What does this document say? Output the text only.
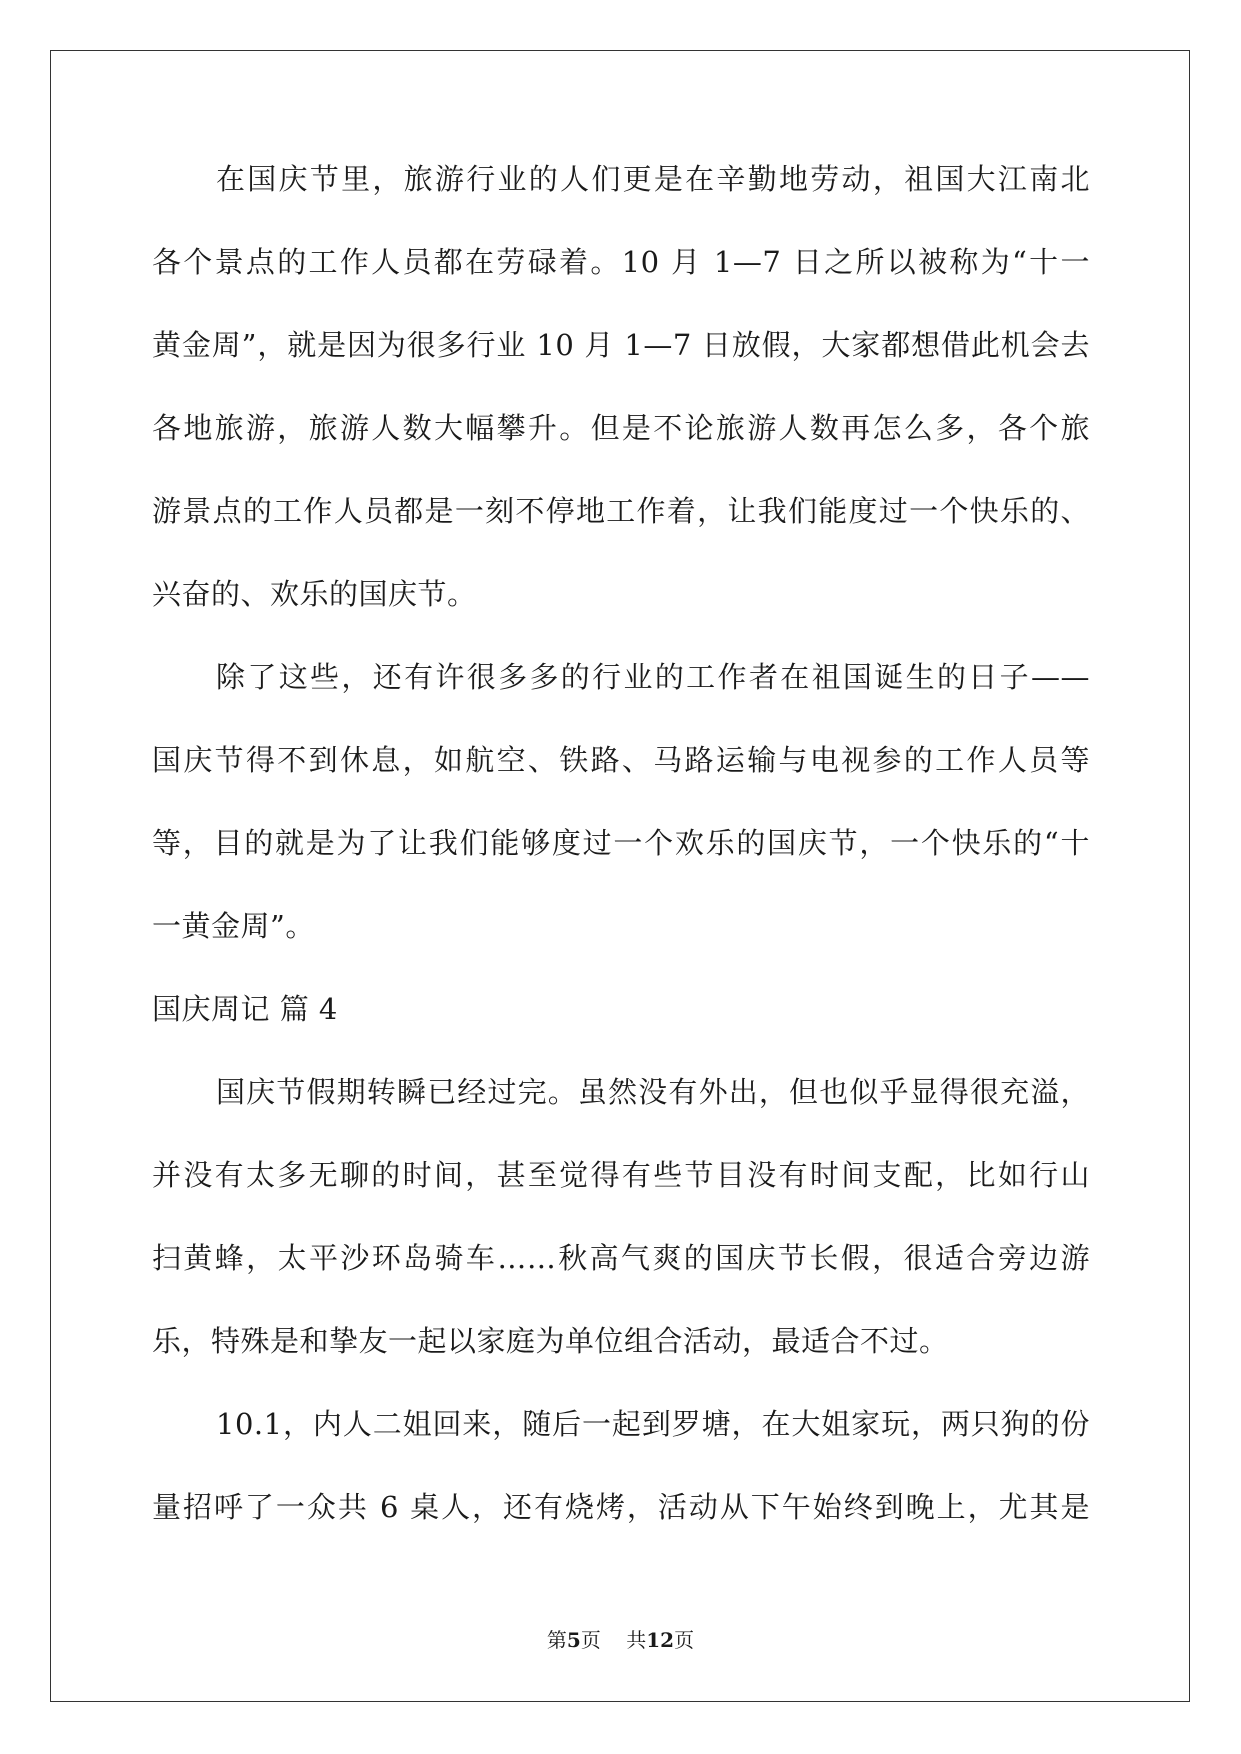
在国庆节里，旅游行业的人们更是在辛勤地劳动，祖国大江南北
各个景点的工作人员都在劳碌着。10 月 1—7 日之所以被称为“十一
黄金周”，就是因为很多行业 10 月 1—7 日放假，大家都想借此机会去
各地旅游，旅游人数大幅攀升。但是不论旅游人数再怎么多，各个旅
游景点的工作人员都是一刻不停地工作着，让我们能度过一个快乐的、
兴奋的、欢乐的国庆节。
除了这些，还有许很多多的行业的工作者在祖国诞生的日子——
国庆节得不到休息，如航空、铁路、马路运输与电视参的工作人员等
等，目的就是为了让我们能够度过一个欢乐的国庆节，一个快乐的“十
一黄金周”。
国庆周记 篇 4
国庆节假期转瞬已经过完。虽然没有外出，但也似乎显得很充溢，
并没有太多无聊的时间，甚至觉得有些节目没有时间支配，比如行山
扫黄蜂，太平沙环岛骑车……秋高气爽的国庆节长假，很适合旁边游
乐，特殊是和挚友一起以家庭为单位组合活动，最适合不过。
10.1，内人二姐回来，随后一起到罗塘，在大姐家玩，两只狗的份
量招呼了一众共 6 桌人，还有烧烤，活动从下午始终到晚上，尤其是
第5页    共12页
